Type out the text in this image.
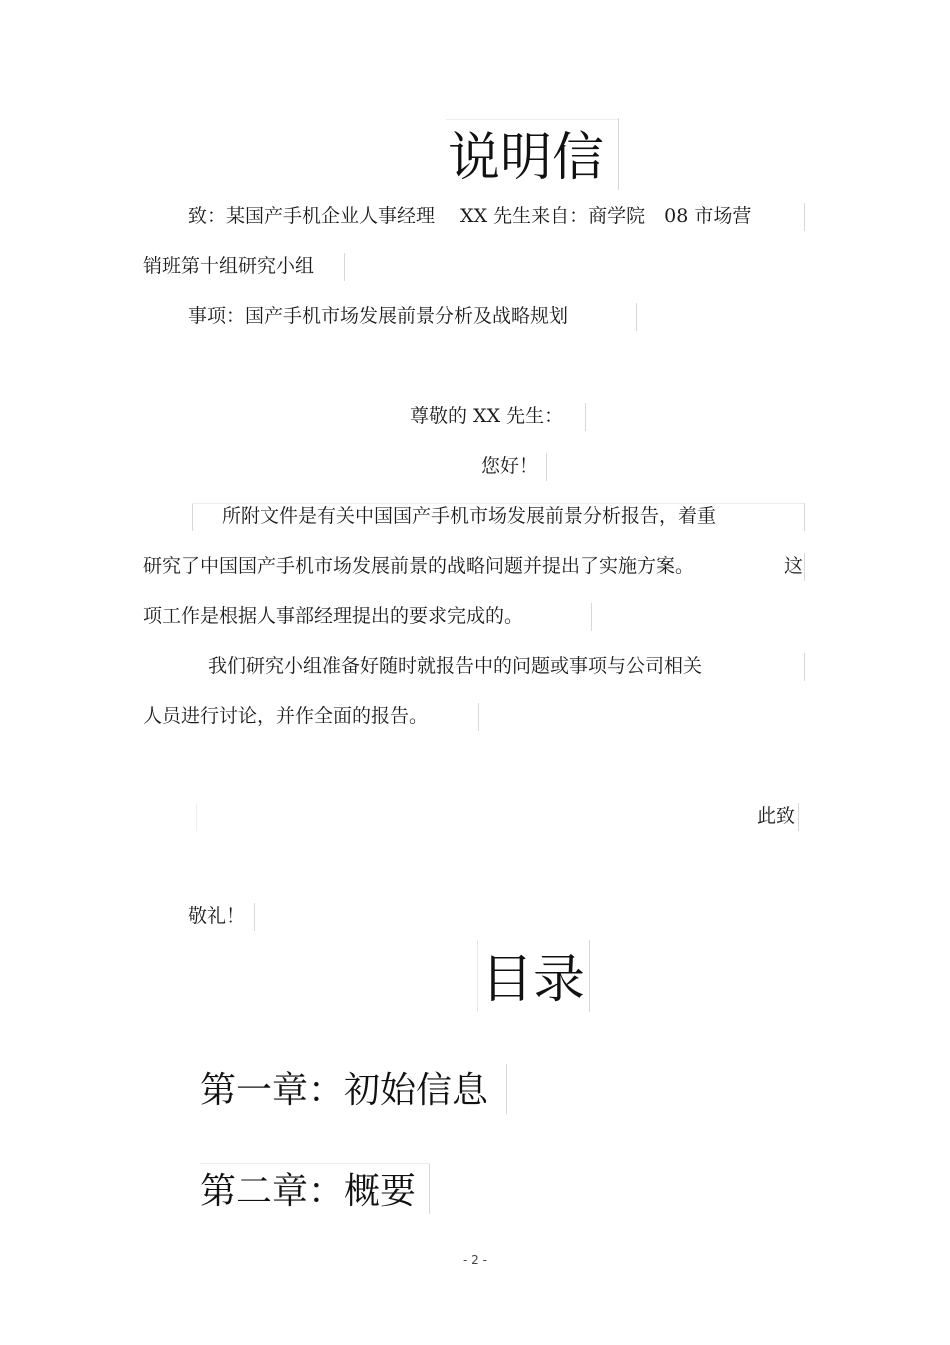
说明信
致：某国产手机企业人事经理　 XX 先生来自：商学院　08 市场营
销班第十组研究小组
事项：国产手机市场发展前景分析及战略规划
尊敬的 XX 先生：
您好！
所附文件是有关中国国产手机市场发展前景分析报告，着重
研究了中国国产手机市场发展前景的战略问题并提出了实施方案。	这
项工作是根据人事部经理提出的要求完成的。
我们研究小组准备好随时就报告中的问题或事项与公司相关
人员进行讨论，并作全面的报告。
此致
敬礼！
目录
第一章：初始信息
第二章：概要
- 2 -
